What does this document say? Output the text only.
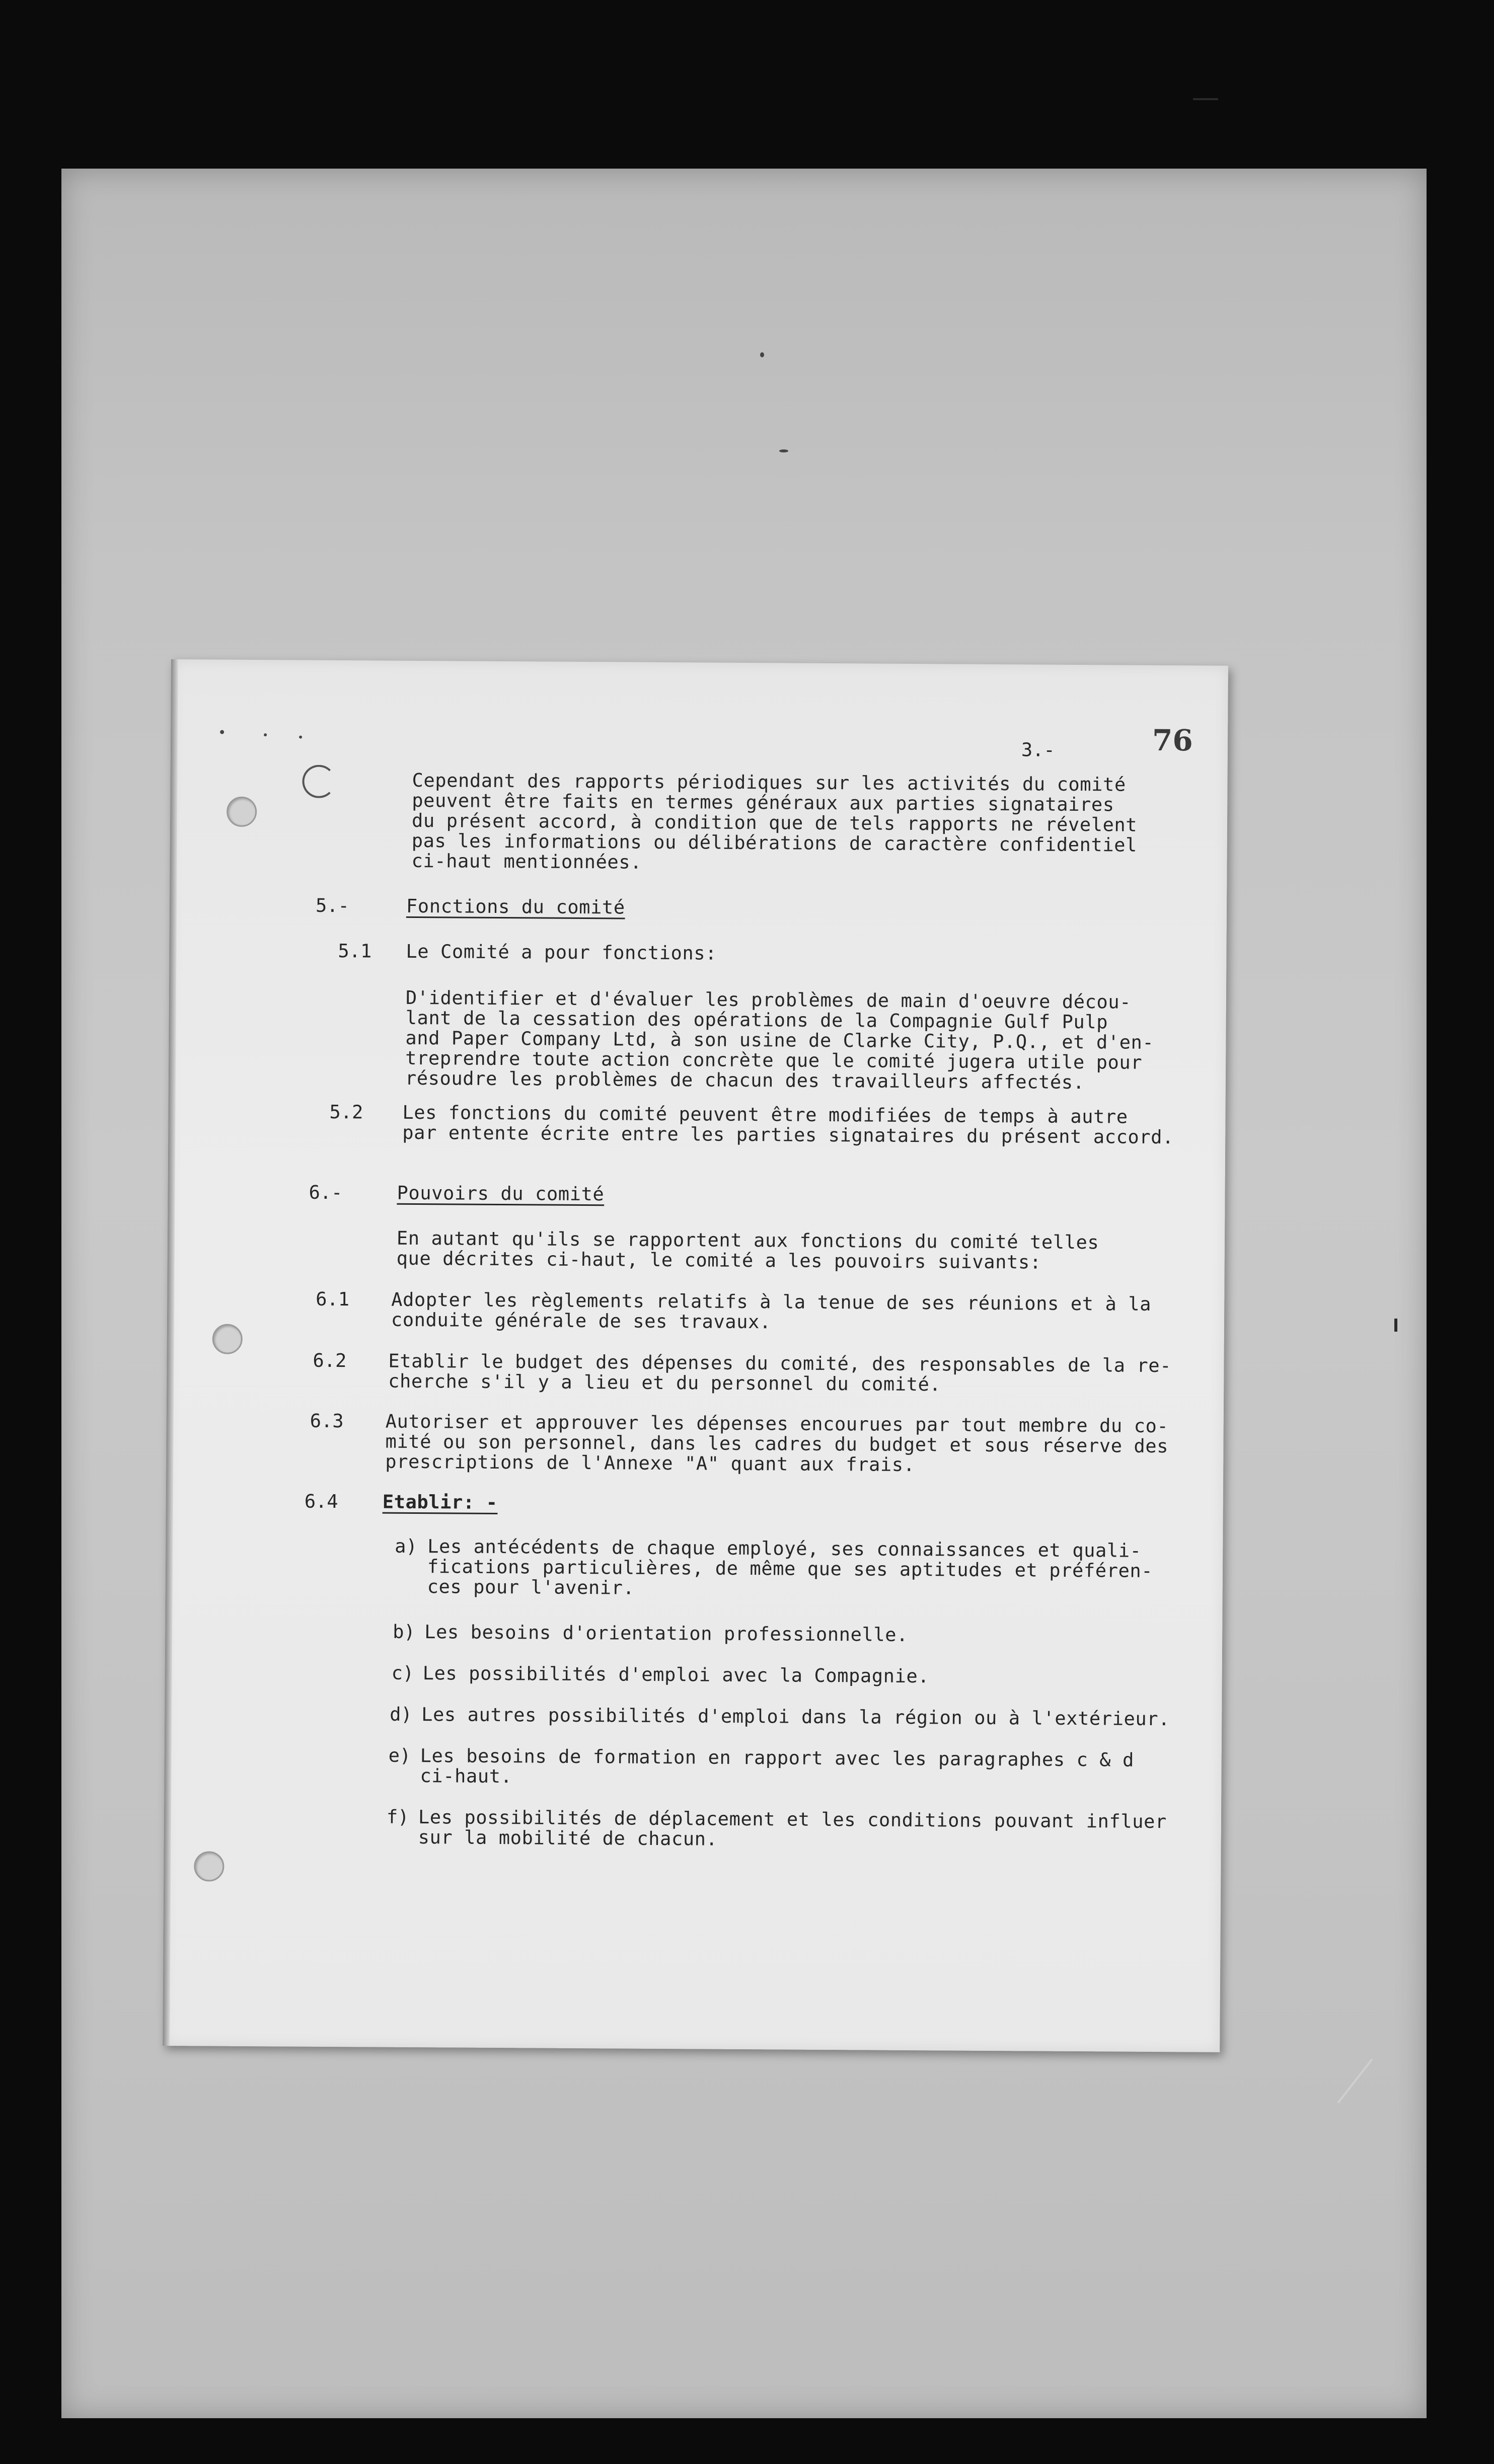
76
3.-

Cependant des rapports périodiques sur les activités du comité

peuvent être faits en termes généraux aux parties signataires

du présent accord, à condition que de tels rapports ne révelent

pas les informations ou délibérations de caractère confidentiel

ci-haut mentionnées.

5.-	Fonctions du comité
5.1 Le Comité a pour fonctions:

D'identifier et d'évaluer les problèmes de main d'oeuvre décou-

lant de la cessation des opérations de la Compagnie Gulf Pulp

and Paper Company Ltd, à son usine de Clarke City, P.Q., et d'en-

treprendre toute action concrète que le comité jugera utile pour

résoudre les problèmes de chacun des travailleurs affectés.

5.2 Les fonctions du comité peuvent être modifiées de temps à autre

par entente écrite entre les parties signataires du présent accord.

6.-	Pouvoirs du comité

En autant qu'ils se rapportent aux fonctions du comité telles

que décrites ci-haut, le comité a les pouvoirs suivants:

6.1 Adopter les règlements relatifs à la tenue de ses réunions et à la

conduite générale de ses travaux.

6.2 Etablir le budget des dépenses du comité, des responsables de la re-

cherche s'il y a lieu et du personnel du comité.

6.3 Autoriser et approuver les dépenses encourues par tout membre du co-

mité ou son personnel, dans les cadres du budget et sous réserve des

prescriptions de l'Annexe "A" quant aux frais.

6.4 Etablir: -
a) Les antécédents de chaque employé, ses connaissances et quali-

fications particulières, de même que ses aptitudes et préféren-

ces pour l'avenir.

b) Les besoins d'orientation professionnelle.

c) Les possibilités d'emploi avec la Compagnie.

d) Les autres possibilités d'emploi dans la région ou à l'extérieur.

e) Les besoins de formation en rapport avec les paragraphes c & d

ci-haut.

f) Les possibilités de déplacement et les conditions pouvant influer

sur la mobilité de chacun.
